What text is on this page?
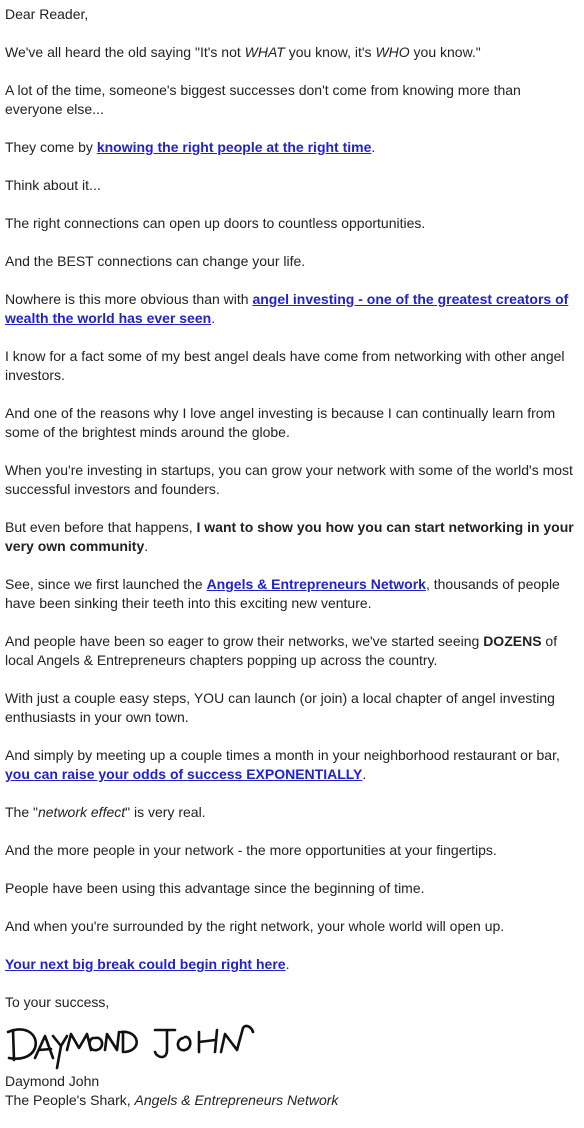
Dear Reader,

We've all heard the old saying "It's not WHAT you know, it's WHO you know."

A lot of the time, someone's biggest successes don't come from knowing more than everyone else...

They come by knowing the right people at the right time.

Think about it...

The right connections can open up doors to countless opportunities.

And the BEST connections can change your life.

Nowhere is this more obvious than with angel investing - one of the greatest creators of wealth the world has ever seen.

I know for a fact some of my best angel deals have come from networking with other angel investors.

And one of the reasons why I love angel investing is because I can continually learn from some of the brightest minds around the globe.

When you're investing in startups, you can grow your network with some of the world's most successful investors and founders.

But even before that happens, I want to show you how you can start networking in your very own community.

See, since we first launched the Angels & Entrepreneurs Network, thousands of people have been sinking their teeth into this exciting new venture.

And people have been so eager to grow their networks, we've started seeing DOZENS of local Angels & Entrepreneurs chapters popping up across the country.

With just a couple easy steps, YOU can launch (or join) a local chapter of angel investing enthusiasts in your own town.

And simply by meeting up a couple times a month in your neighborhood restaurant or bar, you can raise your odds of success EXPONENTIALLY.

The "network effect" is very real.

And the more people in your network - the more opportunities at your fingertips.

People have been using this advantage since the beginning of time.

And when you're surrounded by the right network, your whole world will open up.

Your next big break could begin right here.

To your success,

Daymond John

The People's Shark, Angels & Entrepreneurs Network
